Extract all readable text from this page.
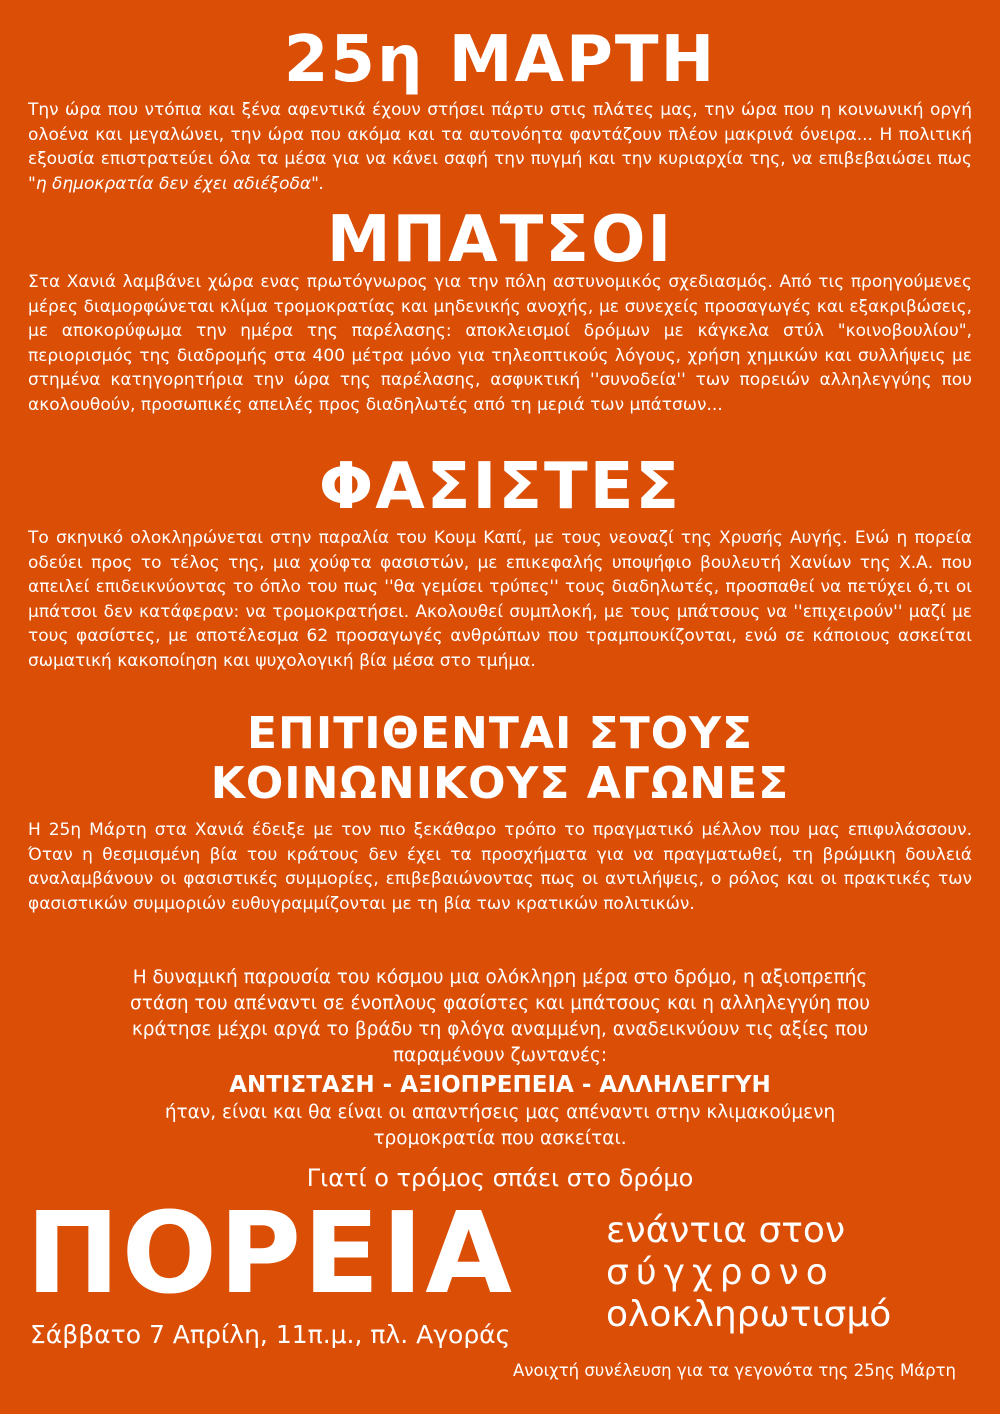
25η ΜΑΡΤΗ

Την ώρα που ντόπια και ξένα αφεντικά έχουν στήσει πάρτυ στις πλάτες μας, την ώρα που η κοινωνική οργή ολοένα και μεγαλώνει, την ώρα που ακόμα και τα αυτονόητα φαντάζουν πλέον μακρινά όνειρα... Η πολιτική εξουσία επιστρατεύει όλα τα μέσα για να κάνει σαφή την πυγμή και την κυριαρχία της, να επιβεβαιώσει πως "η δημοκρατία δεν έχει αδιέξοδα".

ΜΠΑΤΣΟΙ

Στα Χανιά λαμβάνει χώρα ενας πρωτόγνωρος για την πόλη αστυνομικός σχεδιασμός. Από τις προηγούμενες μέρες διαμορφώνεται κλίμα τρομοκρατίας και μηδενικής ανοχής, με συνεχείς προσαγωγές και εξακριβώσεις, με αποκορύφωμα την ημέρα της παρέλασης: αποκλεισμοί δρόμων με κάγκελα στύλ "κοινοβουλίου", περιορισμός της διαδρομής στα 400 μέτρα μόνο για τηλεοπτικούς λόγους, χρήση χημικών και συλλήψεις με στημένα κατηγορητήρια την ώρα της παρέλασης, ασφυκτική ''συνοδεία'' των πορειών αλληλεγγύης που ακολουθούν, προσωπικές απειλές προς διαδηλωτές από τη μεριά των μπάτσων...

ΦΑΣΙΣΤΕΣ

Το σκηνικό ολοκληρώνεται στην παραλία του Κουμ Καπί, με τους νεοναζί της Χρυσής Αυγής. Ενώ η πορεία οδεύει προς το τέλος της, μια χούφτα φασιστών, με επικεφαλής υποψήφιο βουλευτή Χανίων της Χ.Α. που απειλεί επιδεικνύοντας το όπλο του πως ''θα γεμίσει τρύπες'' τους διαδηλωτές, προσπαθεί να πετύχει ό,τι οι μπάτσοι δεν κατάφεραν: να τρομοκρατήσει. Ακολουθεί συμπλοκή, με τους μπάτσους να ''επιχειρούν'' μαζί με τους φασίστες, με αποτέλεσμα 62 προσαγωγές ανθρώπων που τραμπουκίζονται, ενώ σε κάποιους ασκείται σωματική κακοποίηση και ψυχολογική βία μέσα στο τμήμα.

ΕΠΙΤΙΘΕΝΤΑΙ ΣΤΟΥΣ
ΚΟΙΝΩΝΙΚΟΥΣ ΑΓΩΝΕΣ

Η 25η Μάρτη στα Χανιά έδειξε με τον πιο ξεκάθαρο τρόπο το πραγματικό μέλλον που μας επιφυλάσσουν. Όταν η θεσμισμένη βία του κράτους δεν έχει τα προσχήματα για να πραγματωθεί, τη βρώμικη δουλειά αναλαμβάνουν οι φασιστικές συμμορίες, επιβεβαιώνοντας πως οι αντιλήψεις, ο ρόλος και οι πρακτικές των φασιστικών συμμοριών ευθυγραμμίζονται με τη βία των κρατικών πολιτικών.

Η δυναμική παρουσία του κόσμου μια ολόκληρη μέρα στο δρόμο, η αξιοπρεπής

στάση του απέναντι σε ένοπλους φασίστες και μπάτσους και η αλληλεγγύη που

κράτησε μέχρι αργά το βράδυ τη φλόγα αναμμένη, αναδεικνύουν τις αξίες που

παραμένουν ζωντανές:

ΑΝΤΙΣΤΑΣΗ - ΑΞΙΟΠΡΕΠΕΙΑ - ΑΛΛΗΛΕΓΓΥΗ

ήταν, είναι και θα είναι οι απαντήσεις μας απέναντι στην κλιμακούμενη

τρομοκρατία που ασκείται.

Γιατί ο τρόμος σπάει στο δρόμο

ΠΟΡΕΙΑ	ενάντια στον
σύγχρονο
ολοκληρωτισμό

Σάββατο 7 Απρίλη, 11π.μ., πλ. Αγοράς

Ανοιχτή συνέλευση για τα γεγονότα της 25ης Μάρτη
